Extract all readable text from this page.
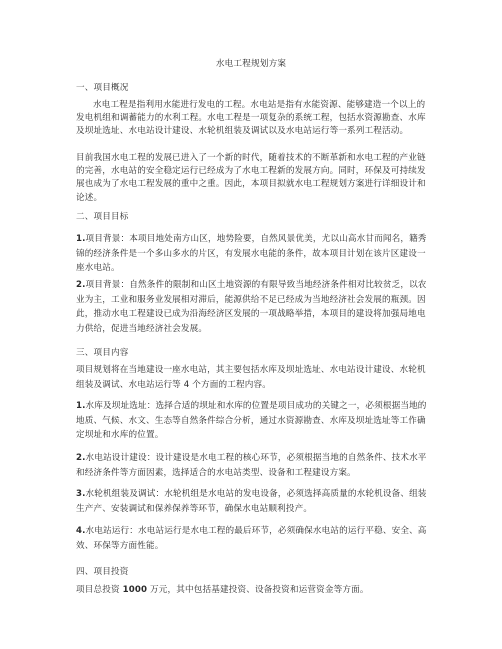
水电工程规划方案
一、项目概况
水电工程是指利用水能进行发电的工程。水电站是指有水能资源、能够建造一个以上的发电机组和调蓄能力的水利工程。水电工程是一项复杂的系统工程，包括水资源勘查、水库及坝址选址、水电站设计建设、水轮机组装及调试以及水电站运行等一系列工程活动。
目前我国水电工程的发展已进入了一个新的时代，随着技术的不断革新和水电工程的产业链的完善，水电站的安全稳定运行已经成为了水电工程新的发展方向。同时，环保及可持续发展也成为了水电工程发展的重中之重。因此，本项目拟就水电工程规划方案进行详细设计和论述。
二、项目目标
1.项目背景：本项目地处南方山区，地势险要，自然风景优美，尤以山高水甘而闻名，籍秀锦的经济条件是一个多山多水的片区，有发展水电能的条件，故本项目计划在该片区建设一座水电站。
2.项目背景：自然条件的限制和山区土地资源的有限导致当地经济条件相对比较贫乏，以农业为主，工业和服务业发展相对滞后，能源供给不足已经成为当地经济社会发展的瓶颈。因此，推动水电工程建设已成为沿海经济区发展的一项战略举措，本项目的建设将加强局地电力供给，促进当地经济社会发展。
三、项目内容
项目规划将在当地建设一座水电站，其主要包括水库及坝址选址、水电站设计建设、水轮机组装及调试、水电站运行等 4 个方面的工程内容。
1.水库及坝址选址：选择合适的坝址和水库的位置是项目成功的关键之一，必须根据当地的地质、气候、水文、生态等自然条件综合分析，通过水资源勘查、水库及坝址选址等工作确定坝址和水库的位置。
2.水电站设计建设：设计建设是水电工程的核心环节，必须根据当地的自然条件、技术水平和经济条件等方面因素，选择适合的水电站类型、设备和工程建设方案。
3.水轮机组装及调试：水轮机组是水电站的发电设备，必须选择高质量的水轮机设备、组装生产产、安装调试和保养保养等环节，确保水电站顺利投产。
4.水电站运行：水电站运行是水电工程的最后环节，必须确保水电站的运行平稳、安全、高效、环保等方面性能。
四、项目投资
项目总投资 1000 万元，其中包括基建投资、设备投资和运营资金等方面。
